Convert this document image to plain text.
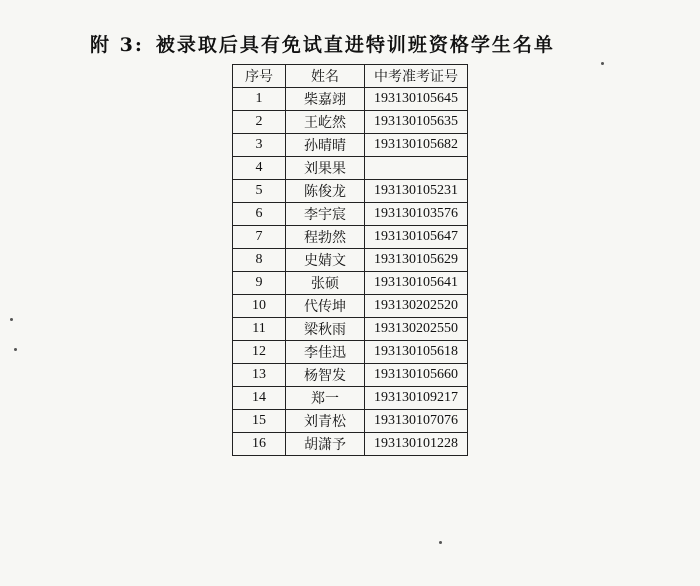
附 3: 被录取后具有免试直进特训班资格学生名单
序号	姓名	中考准考证号
1	柴嘉翊	193130105645
2	王屹然	193130105635
3	孙晴晴	193130105682
4	刘果果	
5	陈俊龙	193130105231
6	李宇宸	193130103576
7	程勃然	193130105647
8	史婧文	193130105629
9	张硕	193130105641
10	代传坤	193130202520
11	梁秋雨	193130202550
12	李佳迅	193130105618
13	杨智发	193130105660
14	郑一	193130109217
15	刘青松	193130107076
16	胡潇予	193130101228
